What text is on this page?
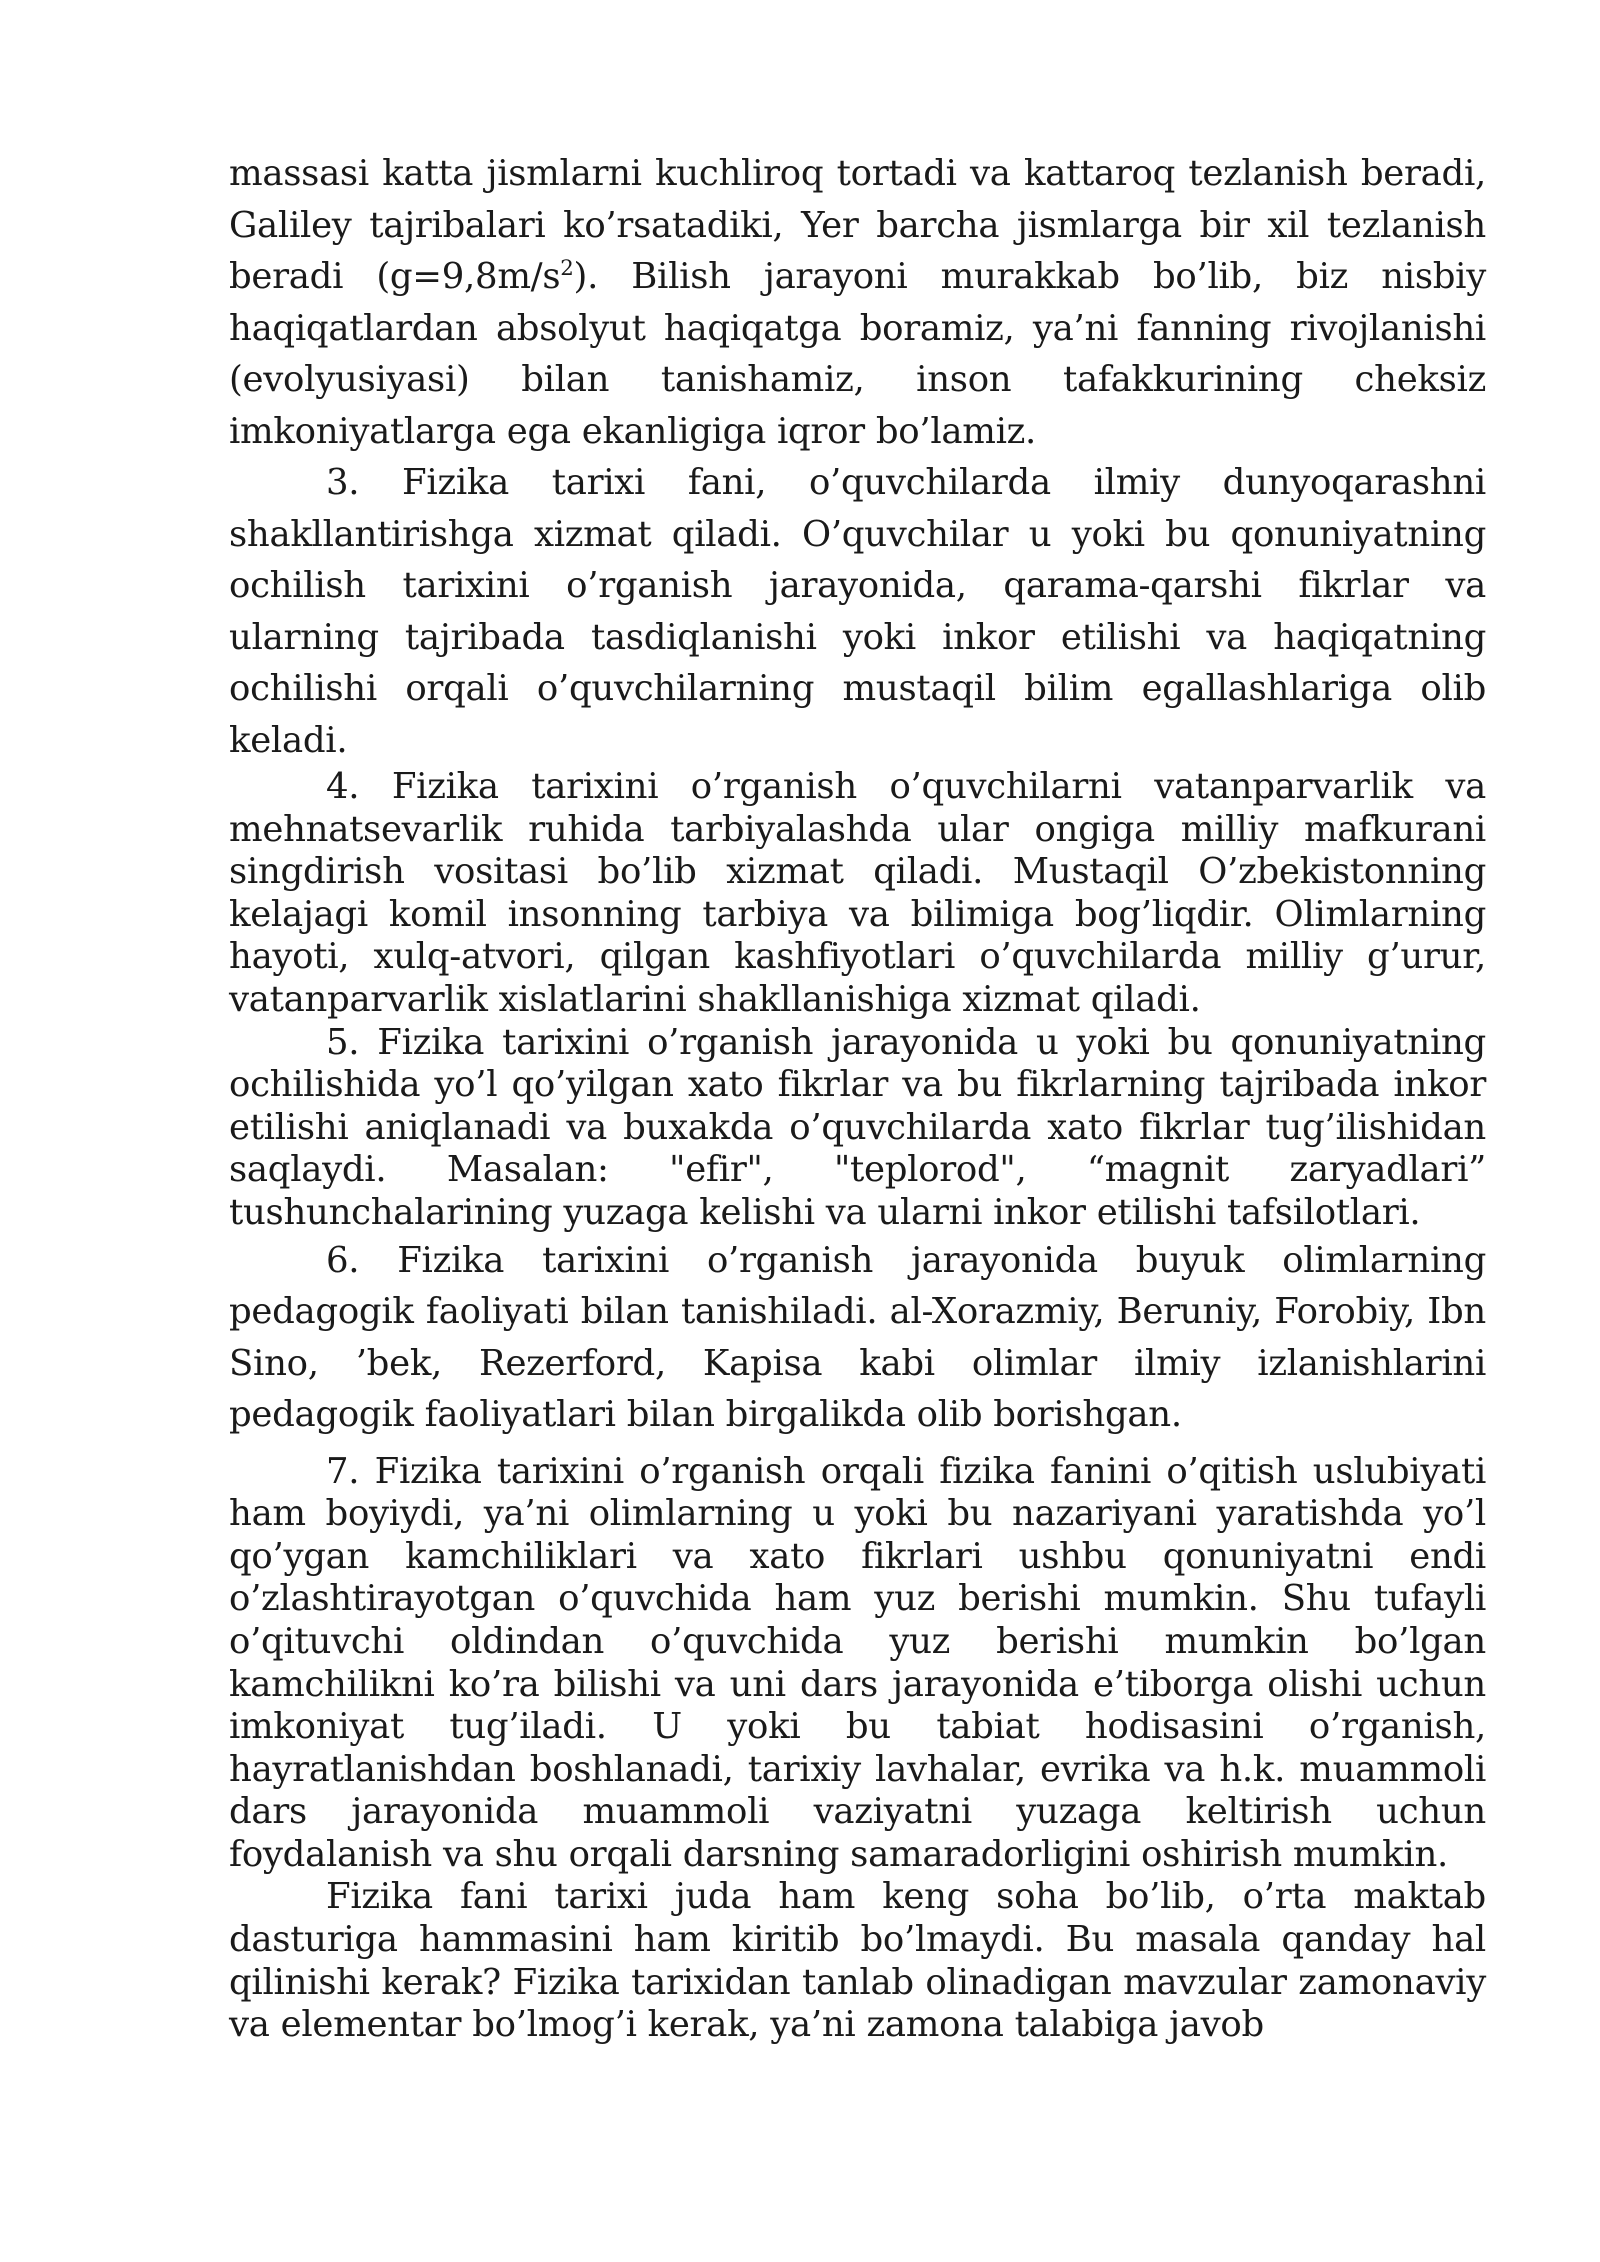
massasi katta jismlarni kuchliroq tortadi va kattaroq tezlanish beradi, Galiley tajribalari ko’rsatadiki, Yer barcha jismlarga bir xil tezlanish beradi $(g=9,8m/s^2)$. Bilish jarayoni murakkab bo’lib, biz nisbiy haqiqatlardan absolyut haqiqatga boramiz, ya’ni fanning rivojlanishi (evolyusiyasi) bilan tanishamiz, inson tafakkurining cheksiz imkoniyatlarga ega ekanligiga iqror bo’lamiz.

3. Fizika tarixi fani, o’quvchilarda ilmiy dunyoqarashni shakllantirishga xizmat qiladi. O’quvchilar u yoki bu qonuniyatning ochilish tarixini o’rganish jarayonida, qarama-qarshi fikrlar va ularning tajribada tasdiqlanishi yoki inkor etilishi va haqiqatning ochilishi orqali o’quvchilarning mustaqil bilim egallashlariga olib keladi.

4. Fizika tarixini o’rganish o’quvchilarni vatanparvarlik va mehnatsevarlik ruhida tarbiyalashda ular ongiga milliy mafkurani singdirish vositasi bo’lib xizmat qiladi. Mustaqil O’zbekistonning kelajagi komil insonning tarbiya va bilimiga bog’liqdir. Olimlarning hayoti, xulq-atvori, qilgan kashfiyotlari o’quvchilarda milliy g’urur, vatanparvarlik xislatlarini shakllanishiga xizmat qiladi.

5. Fizika tarixini o’rganish jarayonida u yoki bu qonuniyatning ochilishida yo’l qo’yilgan xato fikrlar va bu fikrlarning tajribada inkor etilishi aniqlanadi va buxakda o’quvchilarda xato fikrlar tug’ilishidan saqlaydi. Masalan: "efir", "teplorod", “magnit zaryadlari” tushunchalarining yuzaga kelishi va ularni inkor etilishi tafsilotlari.

6. Fizika tarixini o’rganish jarayonida buyuk olimlarning pedagogik faoliyati bilan tanishiladi. al-Xorazmiy, Beruniy, Forobiy, Ibn Sino, ’bek, Rezerford, Kapisa kabi olimlar ilmiy izlanishlarini pedagogik faoliyatlari bilan birgalikda olib borishgan.

7. Fizika tarixini o’rganish orqali fizika fanini o’qitish uslubiyati ham boyiydi, ya’ni olimlarning u yoki bu nazariyani yaratishda yo’l qo’ygan kamchiliklari va xato fikrlari ushbu qonuniyatni endi o’zlashtirayotgan o’quvchida ham yuz berishi mumkin. Shu tufayli o’qituvchi oldindan o’quvchida yuz berishi mumkin bo’lgan kamchilikni ko’ra bilishi va uni dars jarayonida e’tiborga olishi uchun imkoniyat tug’iladi. U yoki bu tabiat hodisasini o’rganish, hayratlanishdan boshlanadi, tarixiy lavhalar, evrika va h.k. muammoli dars jarayonida muammoli vaziyatni yuzaga keltirish uchun foydalanish va shu orqali darsning samaradorligini oshirish mumkin.

Fizika fani tarixi juda ham keng soha bo’lib, o’rta maktab dasturiga hammasini ham kiritib bo’lmaydi. Bu masala qanday hal qilinishi kerak? Fizika tarixidan tanlab olinadigan mavzular zamonaviy va elementar bo’lmog’i kerak, ya’ni zamona talabiga javob
